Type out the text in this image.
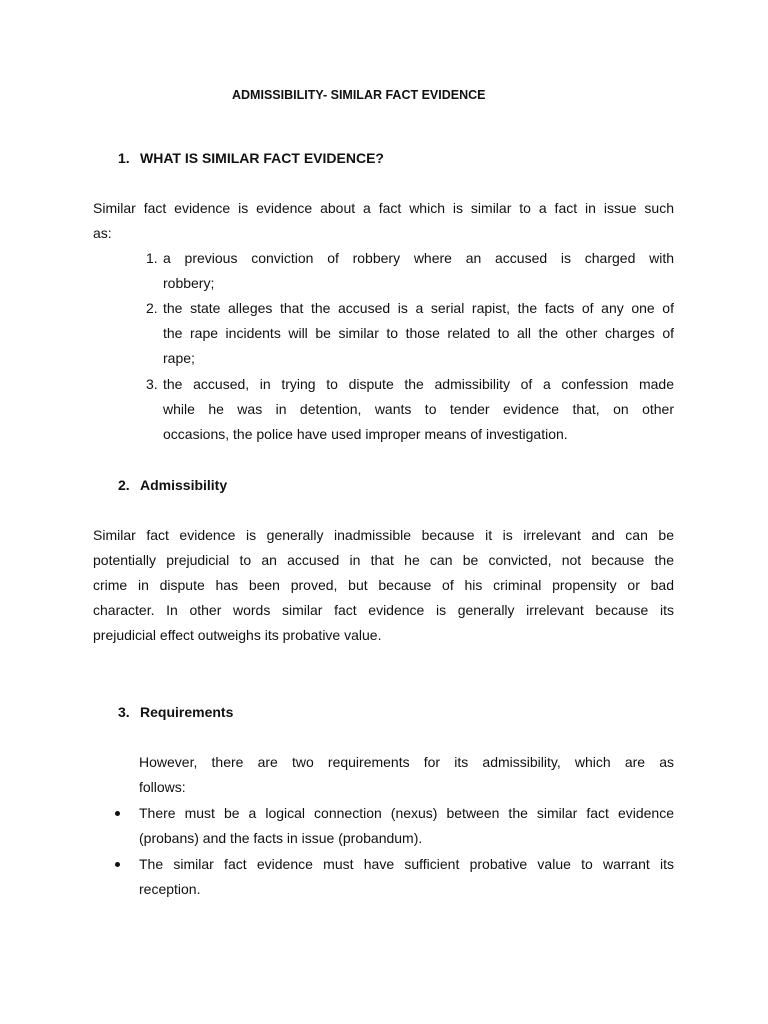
ADMISSIBILITY- SIMILAR FACT EVIDENCE
1. WHAT IS SIMILAR FACT EVIDENCE?
Similar fact evidence is evidence about a fact which is similar to a fact in issue such
as:
1. a previous conviction of robbery where an accused is charged with
robbery;
2. the state alleges that the accused is a serial rapist, the facts of any one of
the rape incidents will be similar to those related to all the other charges of
rape;
3. the accused, in trying to dispute the admissibility of a confession made
while he was in detention, wants to tender evidence that, on other
occasions, the police have used improper means of investigation.
2. Admissibility
Similar fact evidence is generally inadmissible because it is irrelevant and can be
potentially prejudicial to an accused in that he can be convicted, not because the
crime in dispute has been proved, but because of his criminal propensity or bad
character. In other words similar fact evidence is generally irrelevant because its
prejudicial effect outweighs its probative value.
3. Requirements
However, there are two requirements for its admissibility, which are as
follows:
There must be a logical connection (nexus) between the similar fact evidence
(probans) and the facts in issue (probandum).
The similar fact evidence must have sufficient probative value to warrant its
reception.
